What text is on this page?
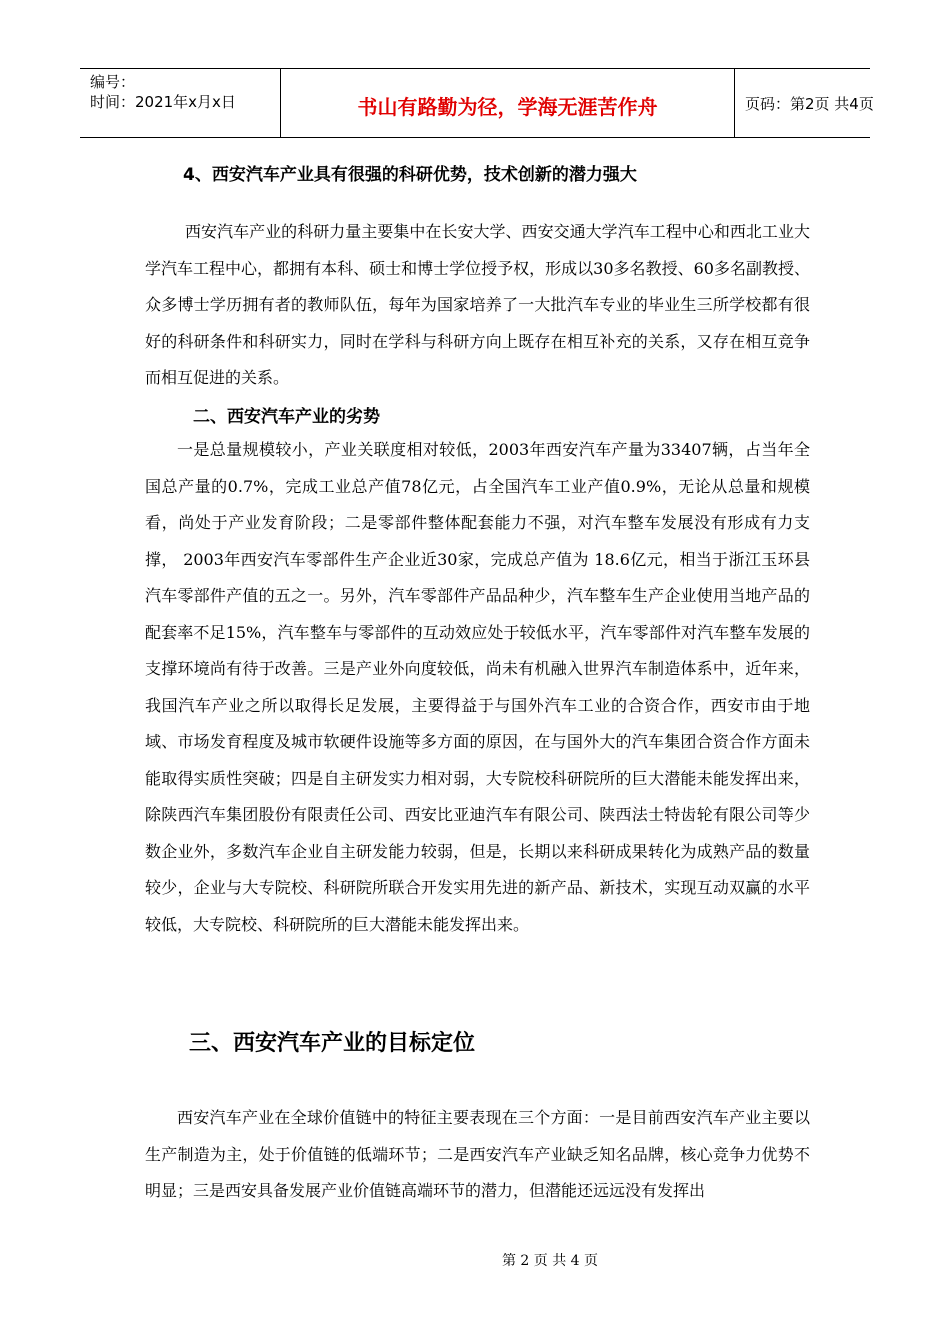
编号：
时间：2021年x月x日	书山有路勤为径，学海无涯苦作舟	页码：第2页 共4页
4、西安汽车产业具有很强的科研优势，技术创新的潜力强大
西安汽车产业的科研力量主要集中在长安大学、西安交通大学汽车工程中心和西北工业大学汽车工程中心，都拥有本科、硕士和博士学位授予权，形成以30多名教授、60多名副教授、众多博士学历拥有者的教师队伍，每年为国家培养了一大批汽车专业的毕业生三所学校都有很好的科研条件和科研实力，同时在学科与科研方向上既存在相互补充的关系，又存在相互竞争而相互促进的关系。
二、西安汽车产业的劣势
一是总量规模较小，产业关联度相对较低，2003年西安汽车产量为33407辆，占当年全国总产量的0.7%，完成工业总产值78亿元，占全国汽车工业产值0.9%，无论从总量和规模看，尚处于产业发育阶段；二是零部件整体配套能力不强，对汽车整车发展没有形成有力支撑， 2003年西安汽车零部件生产企业近30家，完成总产值为 18.6亿元，相当于浙江玉环县汽车零部件产值的五之一。另外，汽车零部件产品品种少，汽车整车生产企业使用当地产品的配套率不足15%，汽车整车与零部件的互动效应处于较低水平，汽车零部件对汽车整车发展的支撑环境尚有待于改善。三是产业外向度较低，尚未有机融入世界汽车制造体系中，近年来，我国汽车产业之所以取得长足发展，主要得益于与国外汽车工业的合资合作，西安市由于地域、市场发育程度及城市软硬件设施等多方面的原因，在与国外大的汽车集团合资合作方面未能取得实质性突破；四是自主研发实力相对弱，大专院校科研院所的巨大潜能未能发挥出来，除陕西汽车集团股份有限责任公司、西安比亚迪汽车有限公司、陕西法士特齿轮有限公司等少数企业外，多数汽车企业自主研发能力较弱，但是，长期以来科研成果转化为成熟产品的数量较少，企业与大专院校、科研院所联合开发实用先进的新产品、新技术，实现互动双赢的水平较低，大专院校、科研院所的巨大潜能未能发挥出来。
三、西安汽车产业的目标定位
西安汽车产业在全球价值链中的特征主要表现在三个方面：一是目前西安汽车产业主要以生产制造为主，处于价值链的低端环节；二是西安汽车产业缺乏知名品牌，核心竞争力优势不明显；三是西安具备发展产业价值链高端环节的潜力，但潜能还远远没有发挥出
第 2 页 共 4 页
